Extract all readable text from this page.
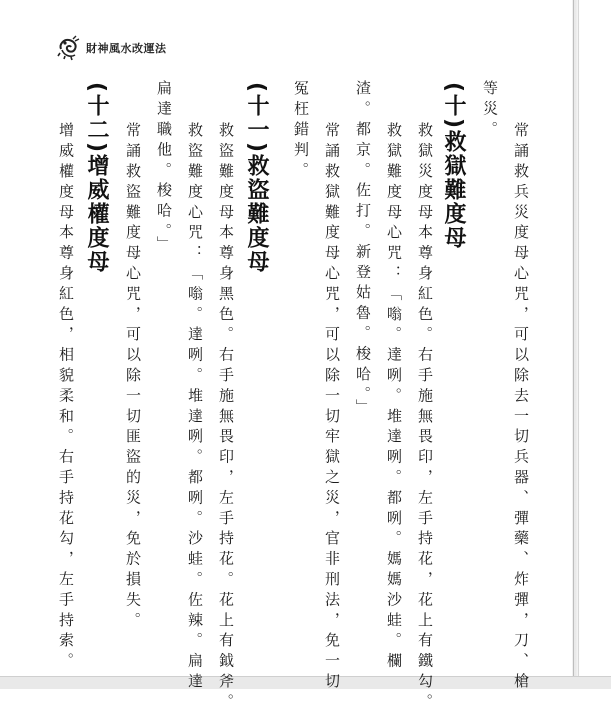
財神風水改運法
常誦救兵災度母心咒，可以除去一切兵器、彈藥、炸彈，刀、槍
等災。
(十)救獄難度母
救獄災度母本尊身紅色。右手施無畏印，左手持花，花上有鐵勾。
救獄難度母心咒：「嗡。達咧。堆達咧。都咧。媽媽沙蛙。欄
渣。都京。佐打。新登姑魯。梭哈。」
常誦救獄難度母心咒，可以除一切牢獄之災，官非刑法，免一切
冤枉錯判。
(十一)救盜難度母
救盜難度母本尊身黑色。右手施無畏印，左手持花。花上有鉞斧。
救盜難度心咒：「嗡。達咧。堆達咧。都咧。沙蛙。佐辣。扁達
扁達職他。梭哈。」
常誦救盜難度母心咒，可以除一切匪盜的災，免於損失。
(十二)增威權度母
增威權度母本尊身紅色，相貌柔和。右手持花勾，左手持索。
